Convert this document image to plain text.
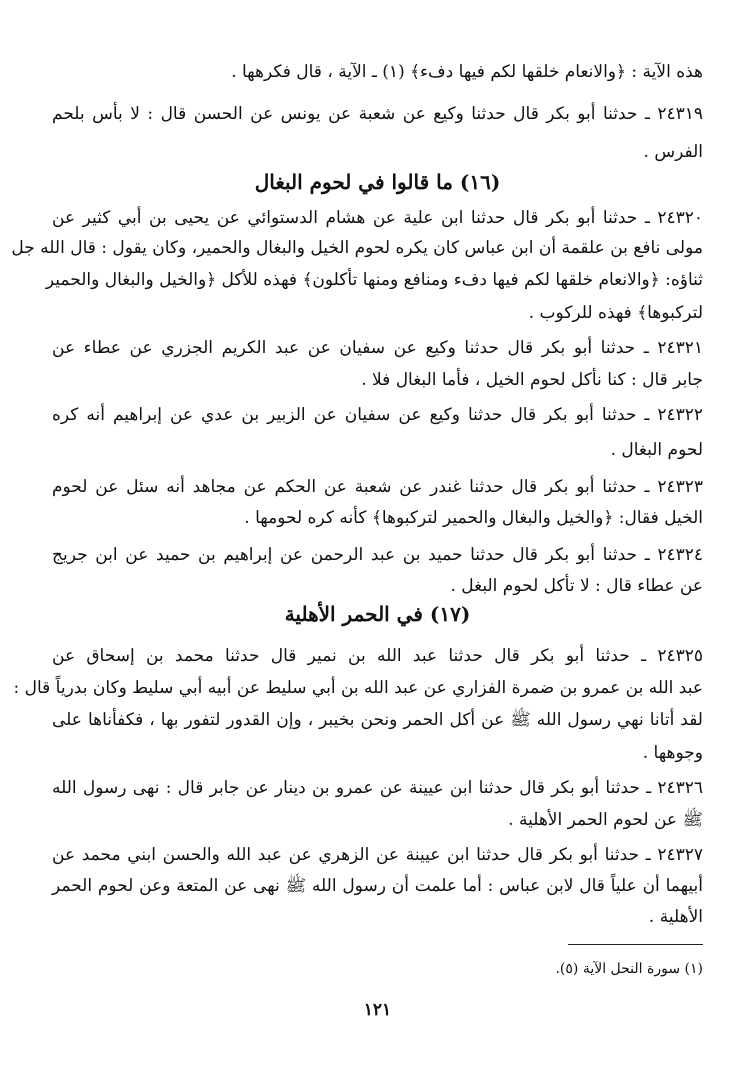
هذه الآية : ﴿والانعام خلقها لكم فيها دفء﴾ (١) ـ الآية ، قال فكرهها .
٢٤٣١٩ ـ حدثنا أبو بكر قال حدثنا وكيع عن شعبة عن يونس عن الحسن قال : لا بأس بلحم
الفرس .
(١٦) ما قالوا في لحوم البغال
٢٤٣٢٠ ـ حدثنا أبو بكر قال حدثنا ابن علية عن هشام الدستوائي عن يحيى بن أبي كثير عن
مولى نافع بن علقمة أن ابن عباس كان يكره لحوم الخيل والبغال والحمير، وكان يقول : قال الله جل
ثناؤه: ﴿والانعام خلقها لكم فيها دفء ومنافع ومنها تأكلون﴾ فهذه للأكل ﴿والخيل والبغال والحمير
لتركبوها﴾ فهذه للركوب .
٢٤٣٢١ ـ حدثنا أبو بكر قال حدثنا وكيع عن سفيان عن عبد الكريم الجزري عن عطاء عن
جابر قال : كنا نأكل لحوم الخيل ، فأما البغال فلا .
٢٤٣٢٢ ـ حدثنا أبو بكر قال حدثنا وكيع عن سفيان عن الزبير بن عدي عن إبراهيم أنه كره
لحوم البغال .
٢٤٣٢٣ ـ حدثنا أبو بكر قال حدثنا غندر عن شعبة عن الحكم عن مجاهد أنه سئل عن لحوم
الخيل فقال: ﴿والخيل والبغال والحمير لتركبوها﴾ كأنه كره لحومها .
٢٤٣٢٤ ـ حدثنا أبو بكر قال حدثنا حميد بن عبد الرحمن عن إبراهيم بن حميد عن ابن جريج
عن عطاء قال : لا تأكل لحوم البغل .
(١٧) في الحمر الأهلية
٢٤٣٢٥ ـ حدثنا أبو بكر قال حدثنا عبد الله بن نمير قال حدثنا محمد بن إسحاق عن
عبد الله بن عمرو بن ضمرة الفزاري عن عبد الله بن أبي سليط عن أبيه أبي سليط وكان بدرياً قال :
لقد أتانا نهي رسول الله ﷺ عن أكل الحمر ونحن بخيبر ، وإن القدور لتفور بها ، فكفأناها على
وجوهها .
٢٤٣٢٦ ـ حدثنا أبو بكر قال حدثنا ابن عيينة عن عمرو بن دينار عن جابر قال : نهى رسول الله
ﷺ عن لحوم الحمر الأهلية .
٢٤٣٢٧ ـ حدثنا أبو بكر قال حدثنا ابن عيينة عن الزهري عن عبد الله والحسن ابني محمد عن
أبيهما أن علياً قال لابن عباس : أما علمت أن رسول الله ﷺ نهى عن المتعة وعن لحوم الحمر
الأهلية .
(١) سورة النحل الآية (٥).
١٢١
